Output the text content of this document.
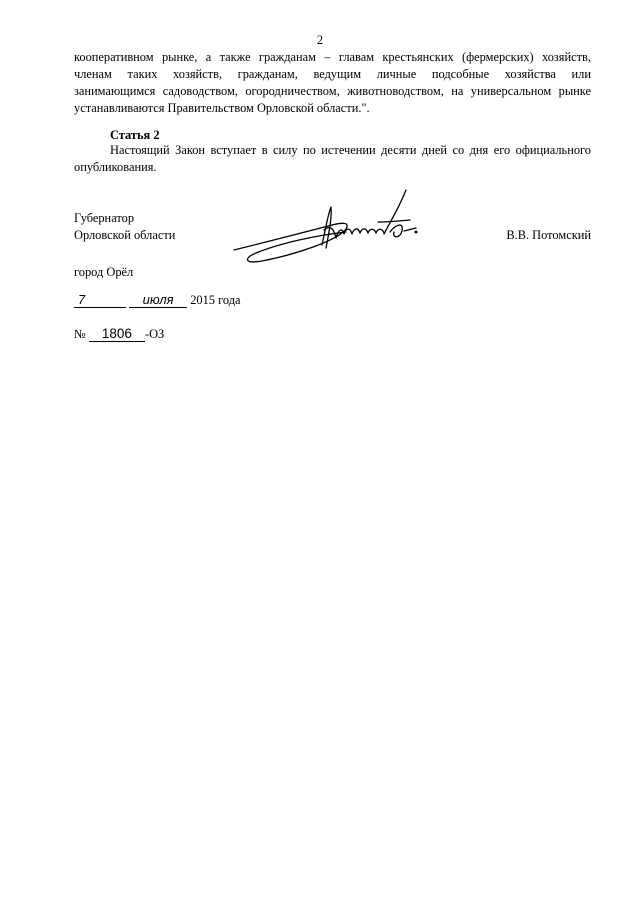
2
кооперативном рынке, а также гражданам – главам крестьянских (фермерских) хозяйств,
членам таких хозяйств, гражданам, ведущим личные подсобные хозяйства или
занимающимся садоводством, огородничеством, животноводством, на универсальном рынке
устанавливаются Правительством Орловской области.".
Статья 2
Настоящий Закон вступает в силу по истечении десяти дней со дня его официального
опубликования.
Губернатор
Орловской области	В.В. Потомский
город Орёл
7	июля 2015 года
№ 1806 -ОЗ
